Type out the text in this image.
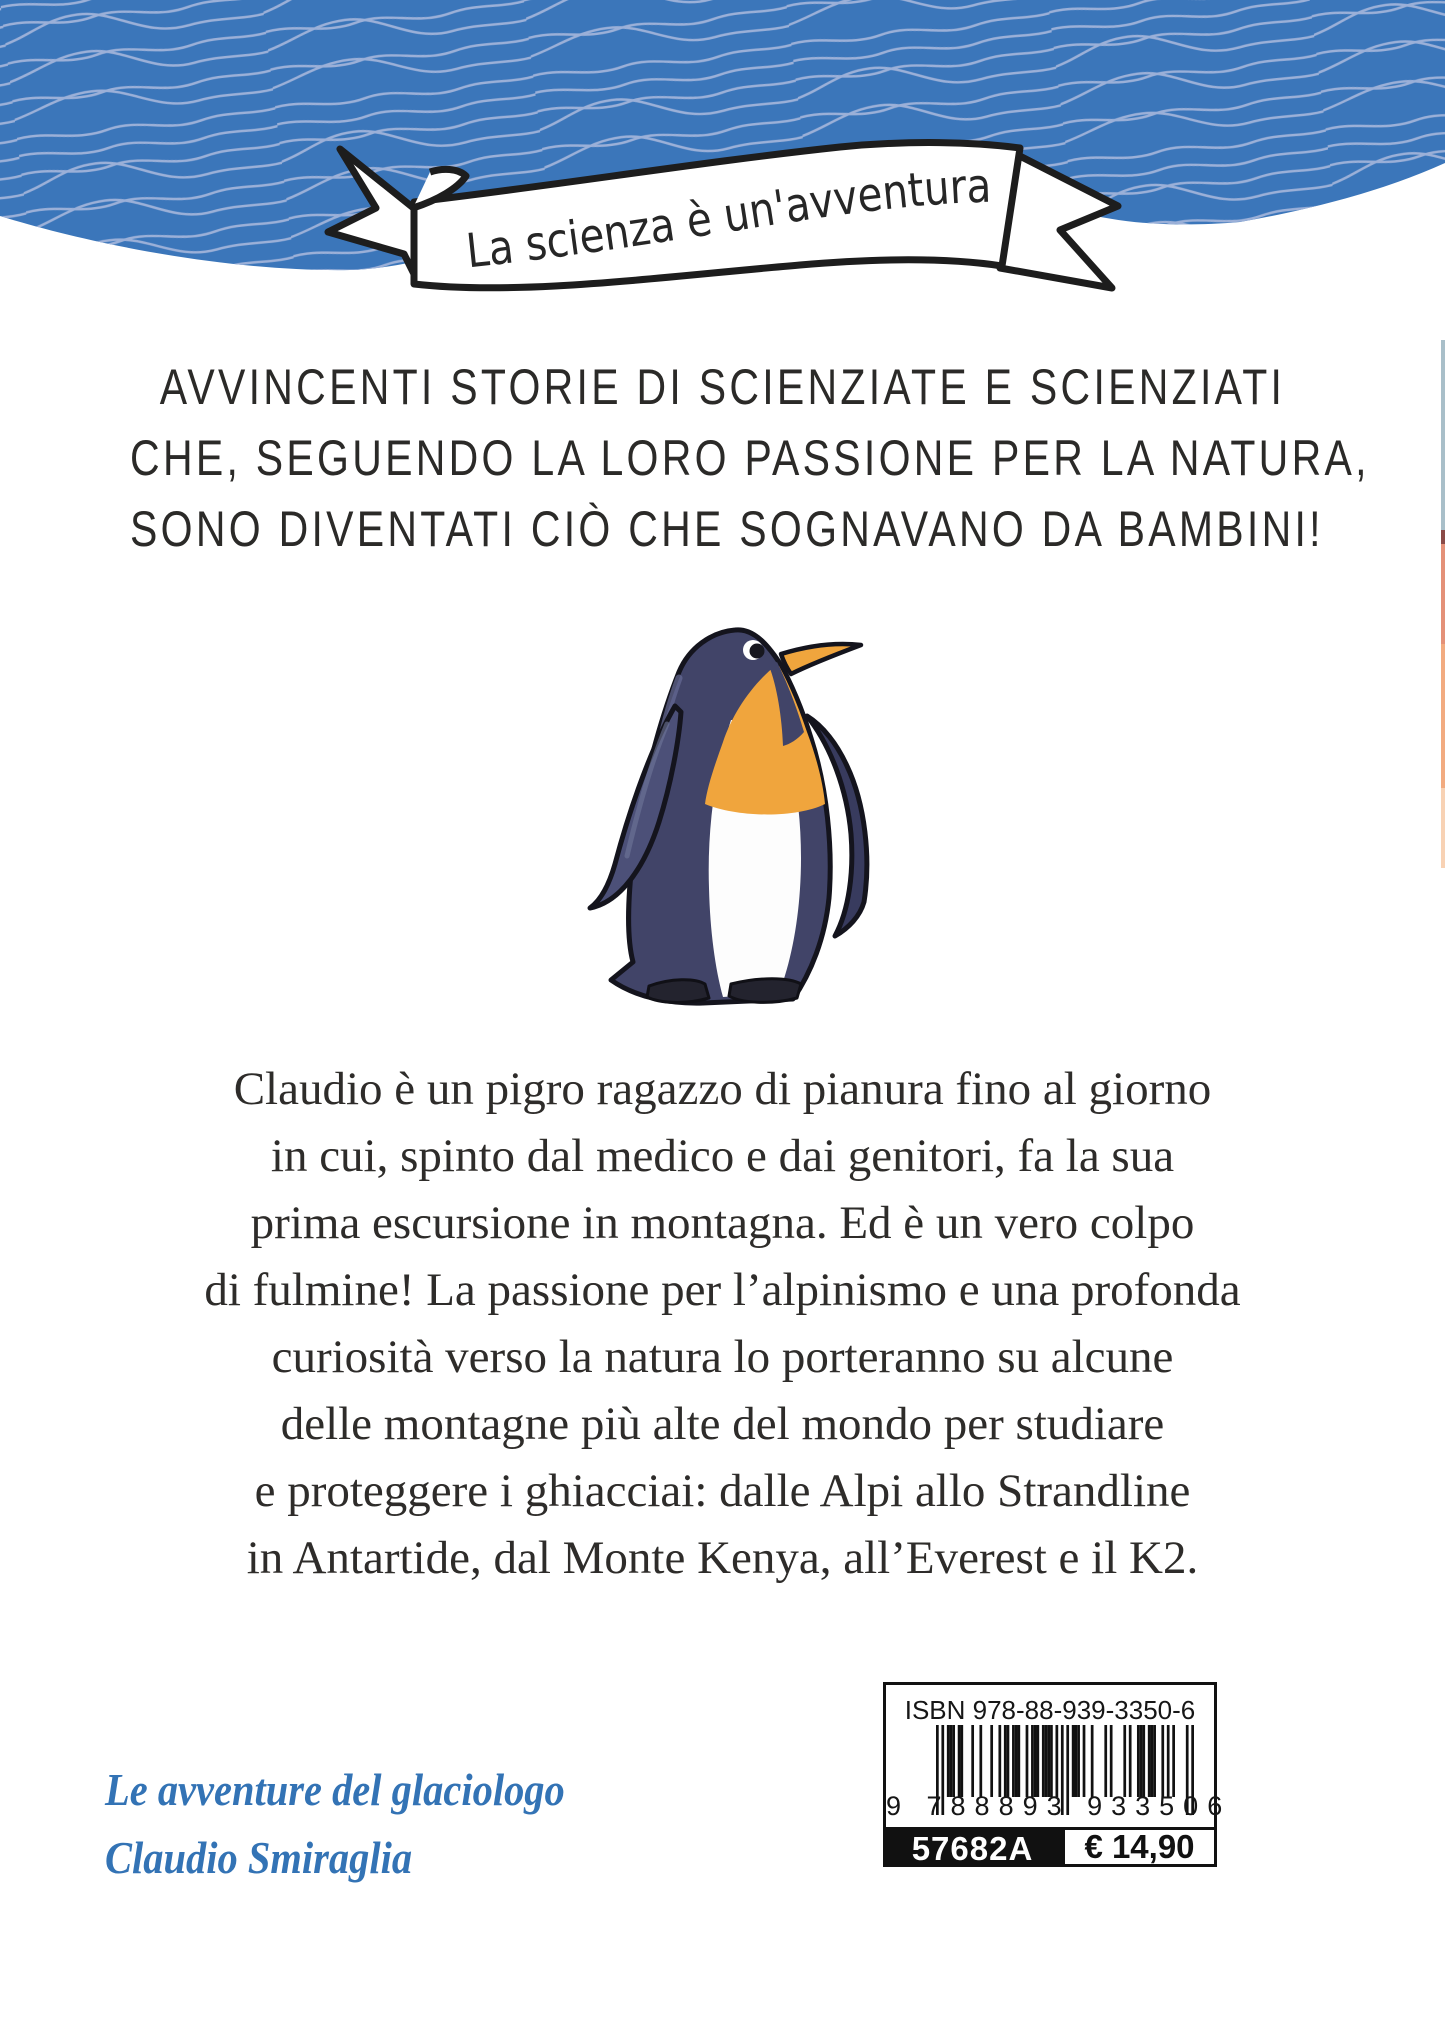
La scienza è un'avventura
AVVINCENTI STORIE DI SCIENZIATE E SCIENZIATI
CHE, SEGUENDO LA LORO PASSIONE PER LA NATURA,
SONO DIVENTATI CIÒ CHE SOGNAVANO DA BAMBINI!
Claudio è un pigro ragazzo di pianura fino al giorno
in cui, spinto dal medico e dai genitori, fa la sua
prima escursione in montagna. Ed è un vero colpo
di fulmine! La passione per l’alpinismo e una profonda
curiosità verso la natura lo porteranno su alcune
delle montagne più alte del mondo per studiare
e proteggere i ghiacciai: dalle Alpi allo Strandline
in Antartide, dal Monte Kenya, all’Everest e il K2.
Le avventure del glaciologo
Claudio Smiraglia
ISBN 978-88-939-3350-6
9 788893 933506
57682A	€ 14,90
